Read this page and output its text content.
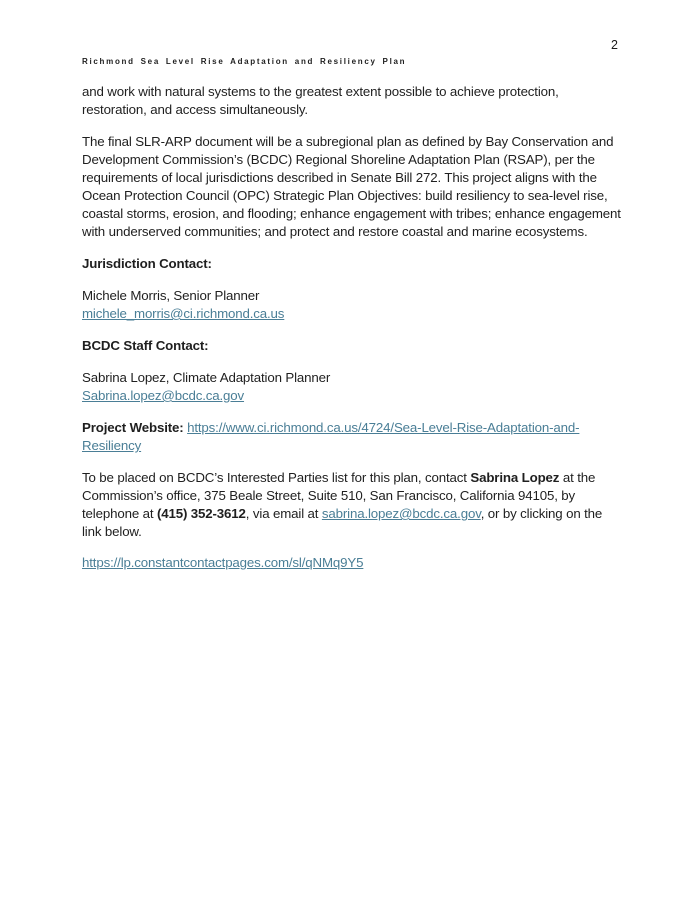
2
Richmond Sea Level Rise Adaptation and Resiliency Plan

and work with natural systems to the greatest extent possible to achieve protection, restoration, and access simultaneously.

The final SLR-ARP document will be a subregional plan as defined by Bay Conservation and Development Commission’s (BCDC) Regional Shoreline Adaptation Plan (RSAP), per the requirements of local jurisdictions described in Senate Bill 272. This project aligns with the Ocean Protection Council (OPC) Strategic Plan Objectives: build resiliency to sea-level rise, coastal storms, erosion, and flooding; enhance engagement with tribes; enhance engagement with underserved communities; and protect and restore coastal and marine ecosystems.

Jurisdiction Contact:

Michele Morris, Senior Planner
michele_morris@ci.richmond.ca.us

BCDC Staff Contact:

Sabrina Lopez, Climate Adaptation Planner
Sabrina.lopez@bcdc.ca.gov

Project Website: https://www.ci.richmond.ca.us/4724/Sea-Level-Rise-Adaptation-and-Resiliency

To be placed on BCDC’s Interested Parties list for this plan, contact Sabrina Lopez at the Commission’s office, 375 Beale Street, Suite 510, San Francisco, California 94105, by telephone at (415) 352-3612, via email at sabrina.lopez@bcdc.ca.gov, or by clicking on the link below.

https://lp.constantcontactpages.com/sl/qNMq9Y5
